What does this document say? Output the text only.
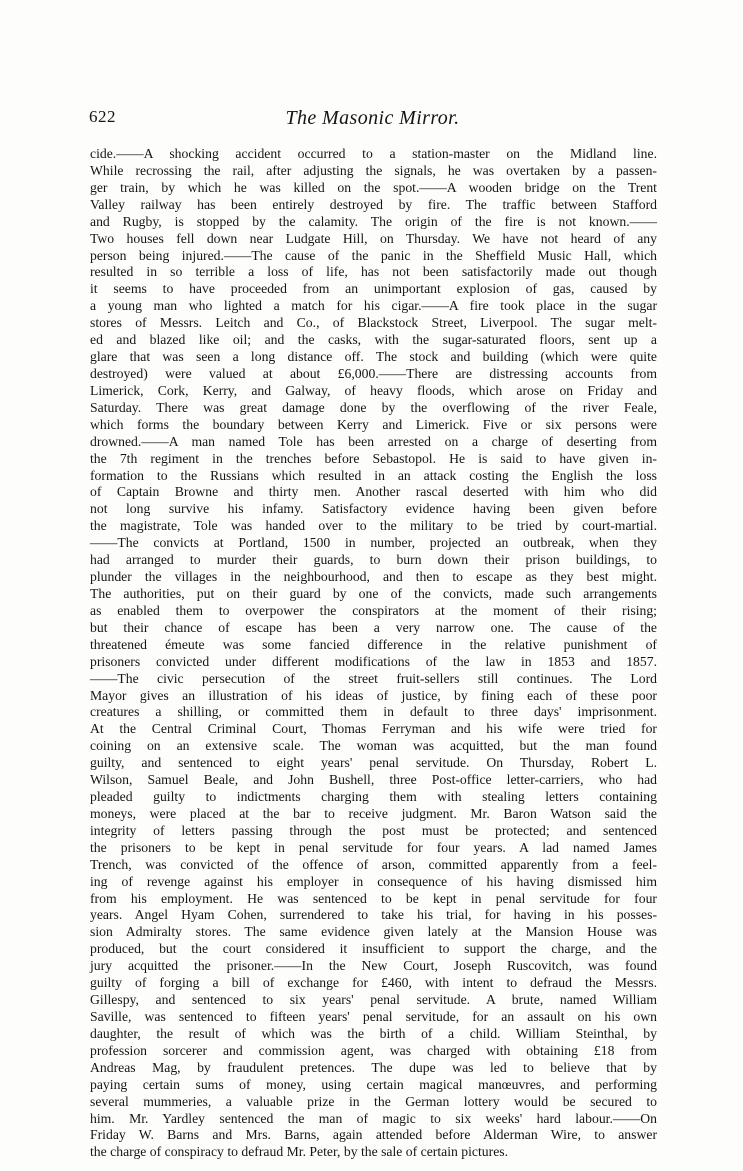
622	The Masonic Mirror.
cide.——A shocking accident occurred to a station-master on the Midland line.
While recrossing the rail, after adjusting the signals, he was overtaken by a passen-
ger train, by which he was killed on the spot.——A wooden bridge on the Trent
Valley railway has been entirely destroyed by fire. The traffic between Stafford
and Rugby, is stopped by the calamity. The origin of the fire is not known.——
Two houses fell down near Ludgate Hill, on Thursday. We have not heard of any
person being injured.——The cause of the panic in the Sheffield Music Hall, which
resulted in so terrible a loss of life, has not been satisfactorily made out though
it seems to have proceeded from an unimportant explosion of gas, caused by
a young man who lighted a match for his cigar.——A fire took place in the sugar
stores of Messrs. Leitch and Co., of Blackstock Street, Liverpool. The sugar melt-
ed and blazed like oil; and the casks, with the sugar-saturated floors, sent up a
glare that was seen a long distance off. The stock and building (which were quite
destroyed) were valued at about £6,000.——There are distressing accounts from
Limerick, Cork, Kerry, and Galway, of heavy floods, which arose on Friday and
Saturday. There was great damage done by the overflowing of the river Feale,
which forms the boundary between Kerry and Limerick. Five or six persons were
drowned.——A man named Tole has been arrested on a charge of deserting from
the 7th regiment in the trenches before Sebastopol. He is said to have given in-
formation to the Russians which resulted in an attack costing the English the loss
of Captain Browne and thirty men. Another rascal deserted with him who did
not long survive his infamy. Satisfactory evidence having been given before
the magistrate, Tole was handed over to the military to be tried by court-martial.
——The convicts at Portland, 1500 in number, projected an outbreak, when they
had arranged to murder their guards, to burn down their prison buildings, to
plunder the villages in the neighbourhood, and then to escape as they best might.
The authorities, put on their guard by one of the convicts, made such arrangements
as enabled them to overpower the conspirators at the moment of their rising;
but their chance of escape has been a very narrow one. The cause of the
threatened émeute was some fancied difference in the relative punishment of
prisoners convicted under different modifications of the law in 1853 and 1857.
——The civic persecution of the street fruit-sellers still continues. The Lord
Mayor gives an illustration of his ideas of justice, by fining each of these poor
creatures a shilling, or committed them in default to three days' imprisonment.
At the Central Criminal Court, Thomas Ferryman and his wife were tried for
coining on an extensive scale. The woman was acquitted, but the man found
guilty, and sentenced to eight years' penal servitude. On Thursday, Robert L.
Wilson, Samuel Beale, and John Bushell, three Post-office letter-carriers, who had
pleaded guilty to indictments charging them with stealing letters containing
moneys, were placed at the bar to receive judgment. Mr. Baron Watson said the
integrity of letters passing through the post must be protected; and sentenced
the prisoners to be kept in penal servitude for four years. A lad named James
Trench, was convicted of the offence of arson, committed apparently from a feel-
ing of revenge against his employer in consequence of his having dismissed him
from his employment. He was sentenced to be kept in penal servitude for four
years. Angel Hyam Cohen, surrendered to take his trial, for having in his posses-
sion Admiralty stores. The same evidence given lately at the Mansion House was
produced, but the court considered it insufficient to support the charge, and the
jury acquitted the prisoner.——In the New Court, Joseph Ruscovitch, was found
guilty of forging a bill of exchange for £460, with intent to defraud the Messrs.
Gillespy, and sentenced to six years' penal servitude. A brute, named William
Saville, was sentenced to fifteen years' penal servitude, for an assault on his own
daughter, the result of which was the birth of a child. William Steinthal, by
profession sorcerer and commission agent, was charged with obtaining £18 from
Andreas Mag, by fraudulent pretences. The dupe was led to believe that by
paying certain sums of money, using certain magical manœuvres, and performing
several mummeries, a valuable prize in the German lottery would be secured to
him. Mr. Yardley sentenced the man of magic to six weeks' hard labour.——On
Friday W. Barns and Mrs. Barns, again attended before Alderman Wire, to answer
the charge of conspiracy to defraud Mr. Peter, by the sale of certain pictures.
